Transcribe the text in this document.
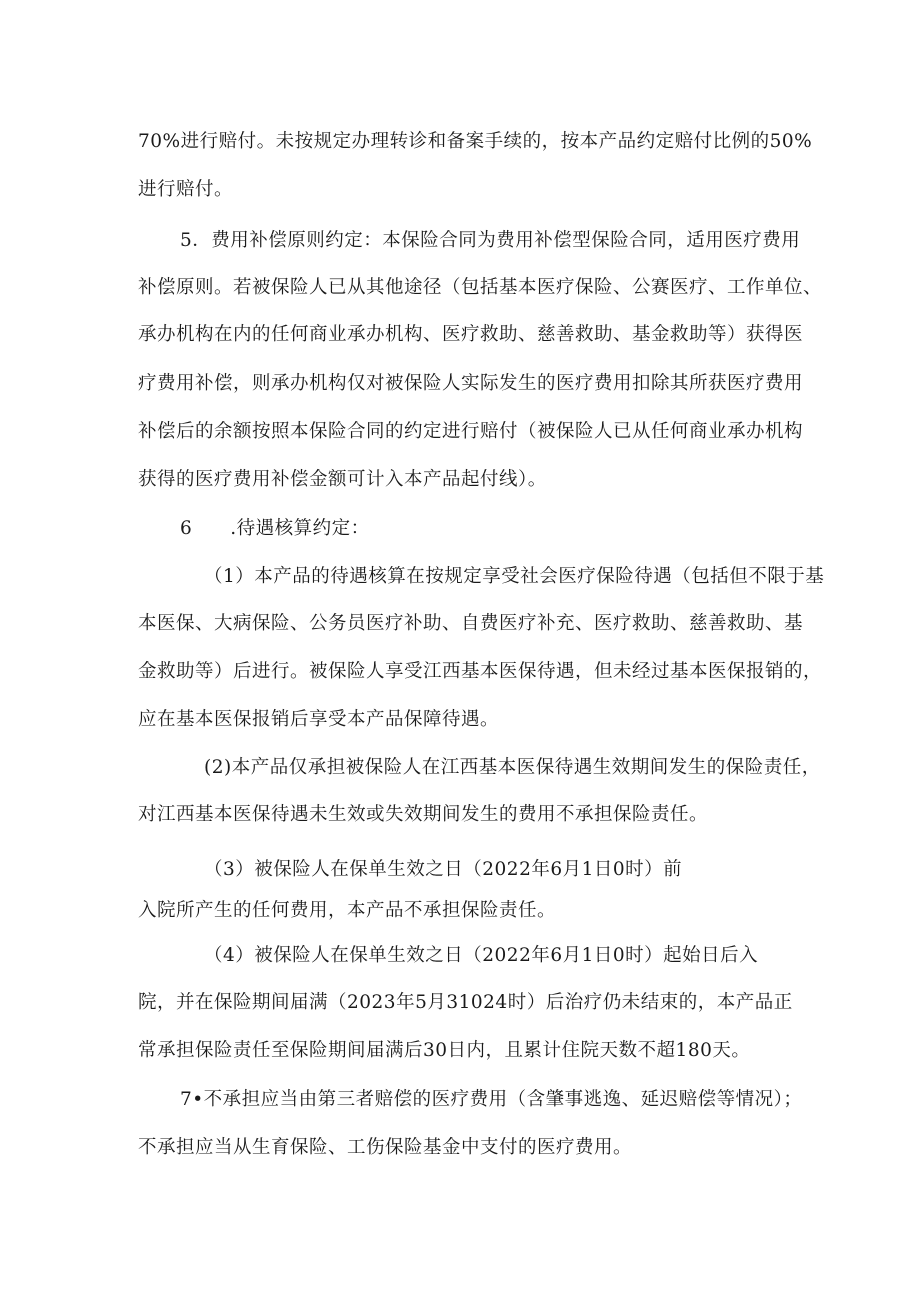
70%进行赔付。未按规定办理转诊和备案手续的，按本产品约定赔付比例的50%
进行赔付。
5．费用补偿原则约定：本保险合同为费用补偿型保险合同，适用医疗费用
补偿原则。若被保险人已从其他途径（包括基本医疗保险、公赛医疗、工作单位、
承办机构在内的任何商业承办机构、医疗救助、慈善救助、基金救助等）获得医
疗费用补偿，则承办机构仅对被保险人实际发生的医疗费用扣除其所获医疗费用
补偿后的余额按照本保险合同的约定进行赔付（被保险人已从任何商业承办机构
获得的医疗费用补偿金额可计入本产品起付线）。
6　　.待遇核算约定：
（1）本产品的待遇核算在按规定享受社会医疗保险待遇（包括但不限于基
本医保、大病保险、公务员医疗补助、自费医疗补充、医疗救助、慈善救助、基
金救助等）后进行。被保险人享受江西基本医保待遇，但未经过基本医保报销的，
应在基本医保报销后享受本产品保障待遇。
(2)本产品仅承担被保险人在江西基本医保待遇生效期间发生的保险责任，
对江西基本医保待遇未生效或失效期间发生的费用不承担保险责任。
（3）被保险人在保单生效之日（2022年6月1日0时）前
入院所产生的任何费用，本产品不承担保险责任。
（4）被保险人在保单生效之日（2022年6月1日0时）起始日后入
院，并在保险期间届满（2023年5月31024时）后治疗仍未结束的，本产品正
常承担保险责任至保险期间届满后30日内，且累计住院天数不超180天。
7•不承担应当由第三者赔偿的医疗费用（含肇事逃逸、延迟赔偿等情况）；
不承担应当从生育保险、工伤保险基金中支付的医疗费用。
